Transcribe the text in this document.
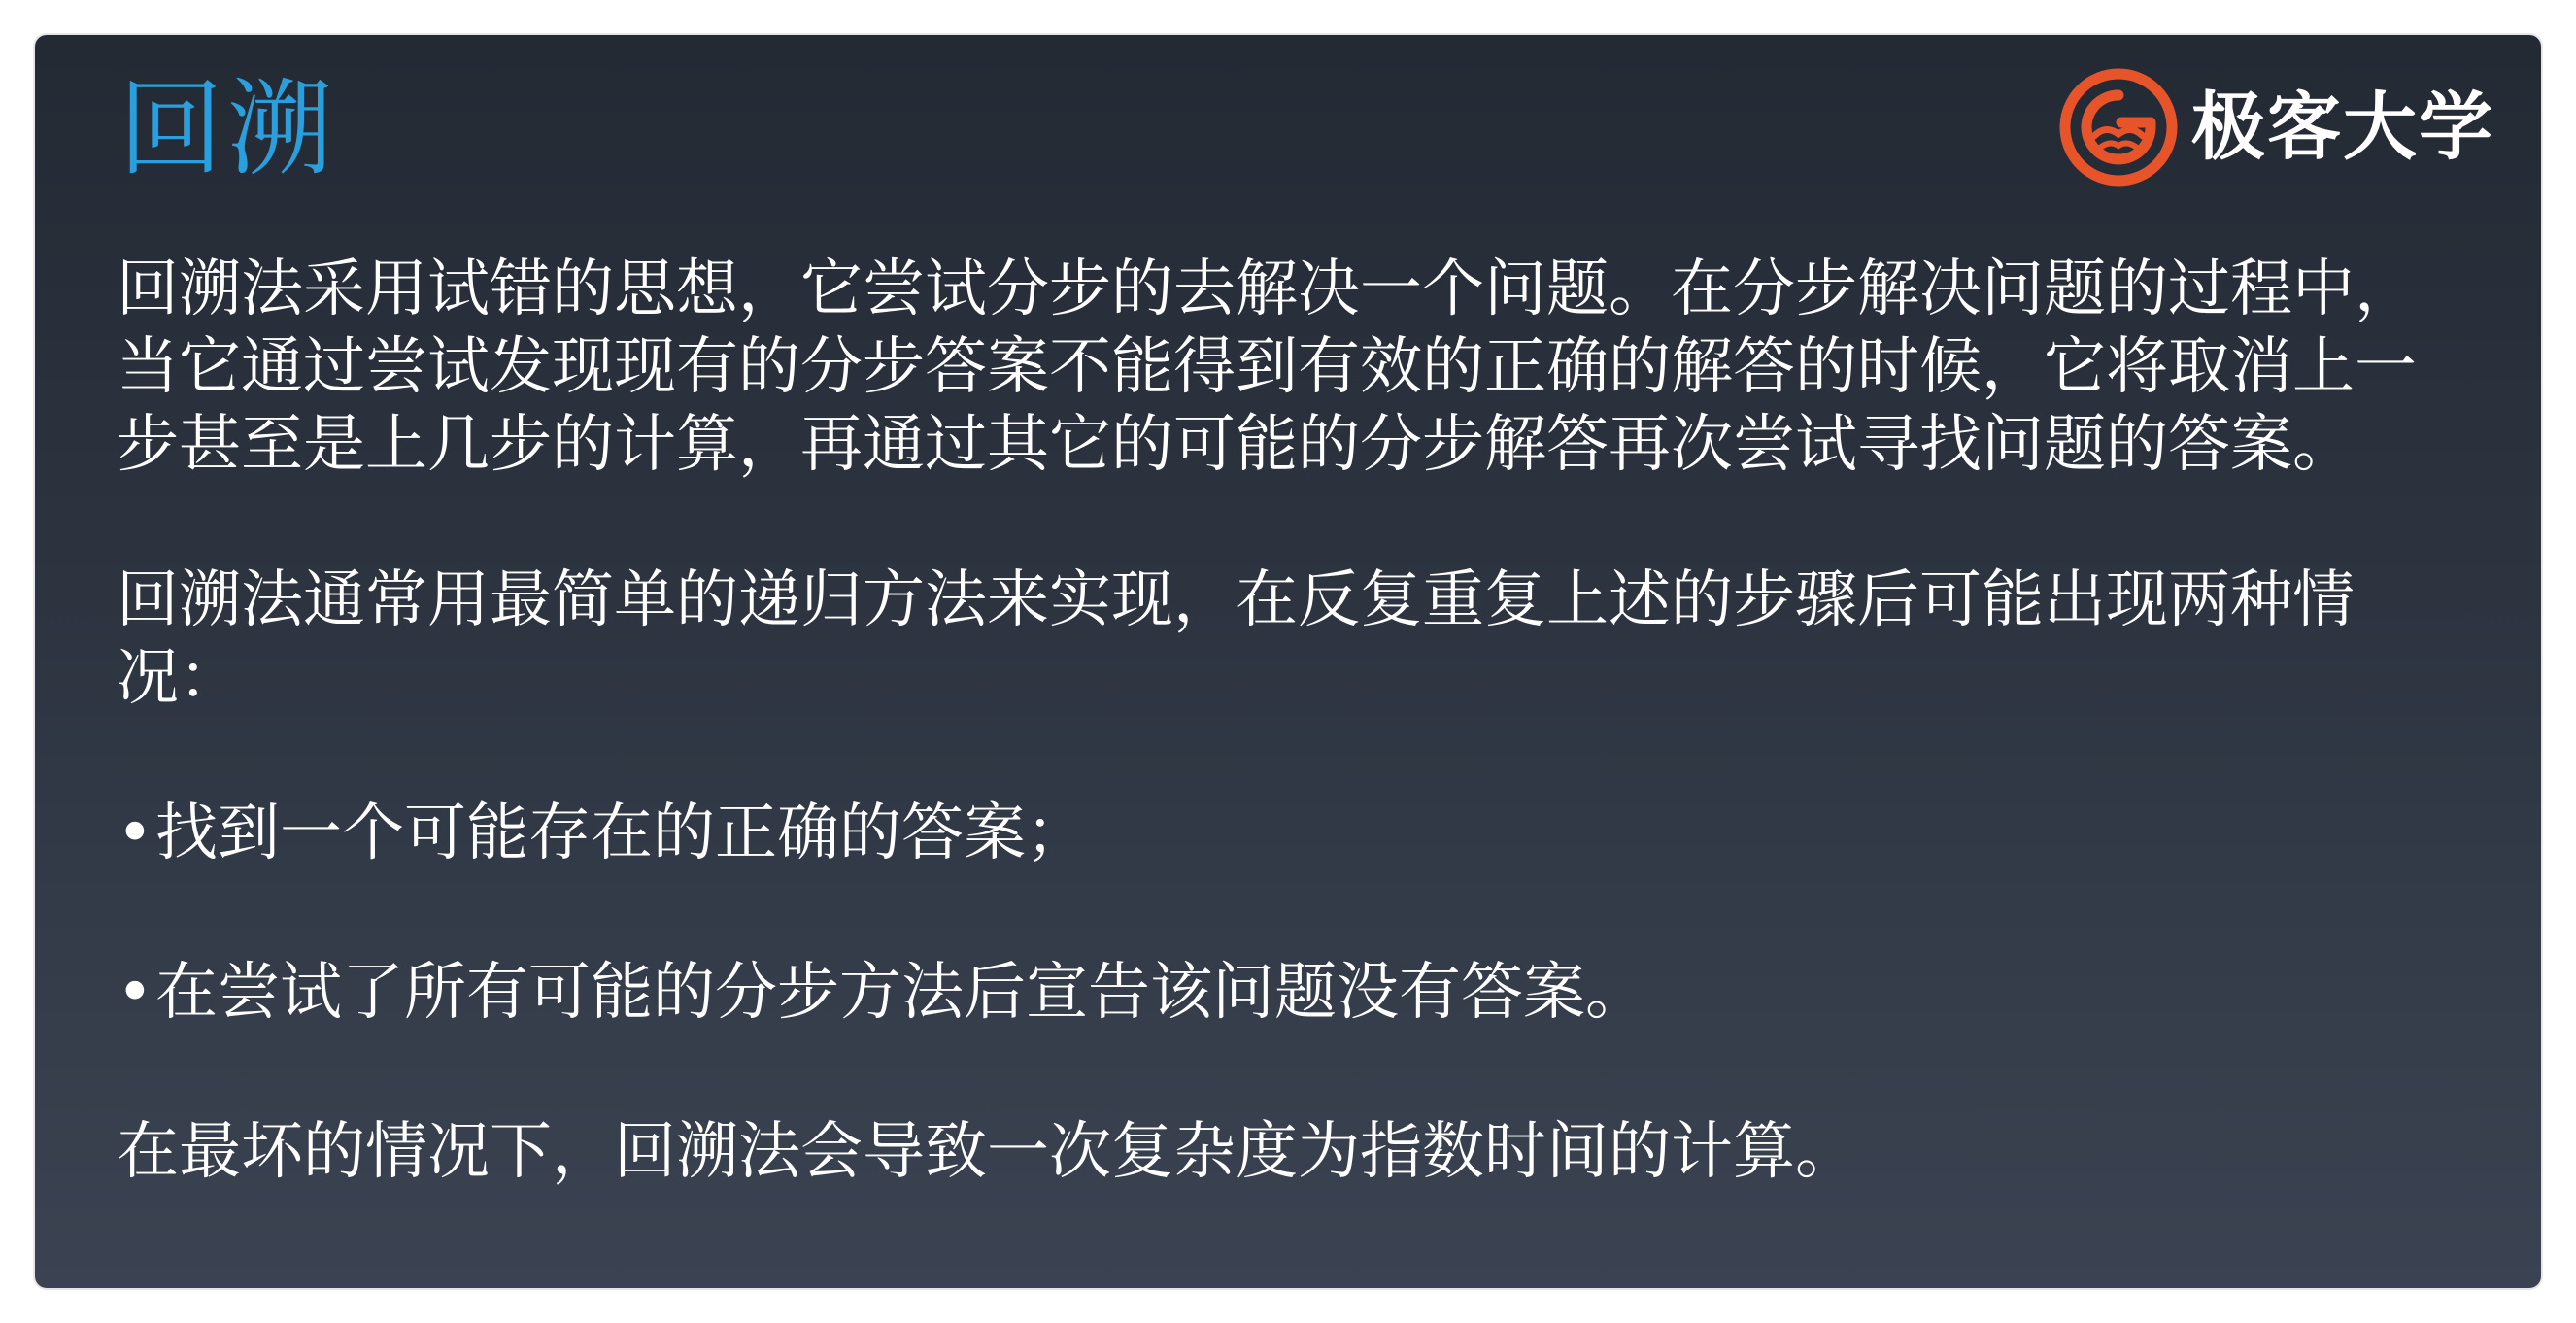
回溯	极客大学

回溯法采用试错的思想，它尝试分步的去解决一个问题。在分步解决问题的过程中，当它通过尝试发现现有的分步答案不能得到有效的正确的解答的时候，它将取消上一步甚至是上几步的计算，再通过其它的可能的分步解答再次尝试寻找问题的答案。

回溯法通常用最简单的递归方法来实现，在反复重复上述的步骤后可能出现两种情况：

• 找到一个可能存在的正确的答案；
• 在尝试了所有可能的分步方法后宣告该问题没有答案。

在最坏的情况下，回溯法会导致一次复杂度为指数时间的计算。
